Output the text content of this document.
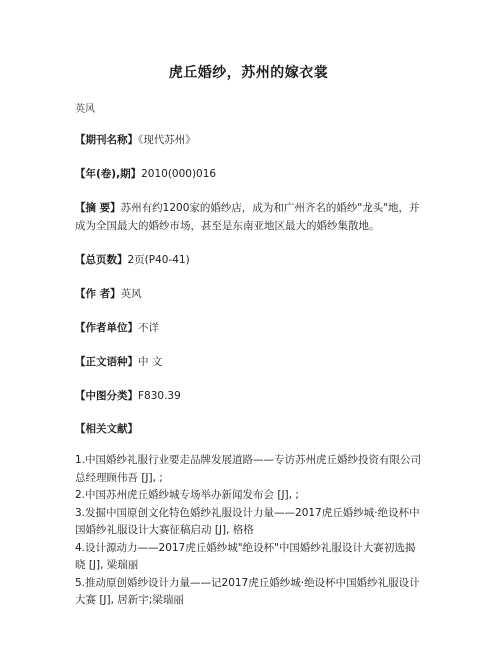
虎丘婚纱，苏州的嫁衣裳
英风
【期刊名称】《现代苏州》
【年(卷),期】2010(000)016
【摘 要】苏州有约1200家的婚纱店，成为和广州齐名的婚纱"龙头"地，并成为全国最大的婚纱市场，甚至是东南亚地区最大的婚纱集散地。
【总页数】2页(P40-41)
【作 者】英风
【作者单位】不详
【正文语种】中 文
【中图分类】F830.39
【相关文献】

1.中国婚纱礼服行业要走品牌发展道路——专访苏州虎丘婚纱投资有限公司总经理顾伟吾 [J], ;

2.中国苏州虎丘婚纱城专场举办新闻发布会 [J], ;

3.发掘中国原创文化特色婚纱礼服设计力量——2017虎丘婚纱城·绝设杯中国婚纱礼服设计大赛征稿启动 [J], 格格

4.设计源动力——2017虎丘婚纱城"绝设杯"中国婚纱礼服设计大赛初选揭晓 [J], 梁瑞丽

5.推动原创婚纱设计力量——记2017虎丘婚纱城·绝设杯中国婚纱礼服设计大赛 [J], 居新宇;梁瑞丽
